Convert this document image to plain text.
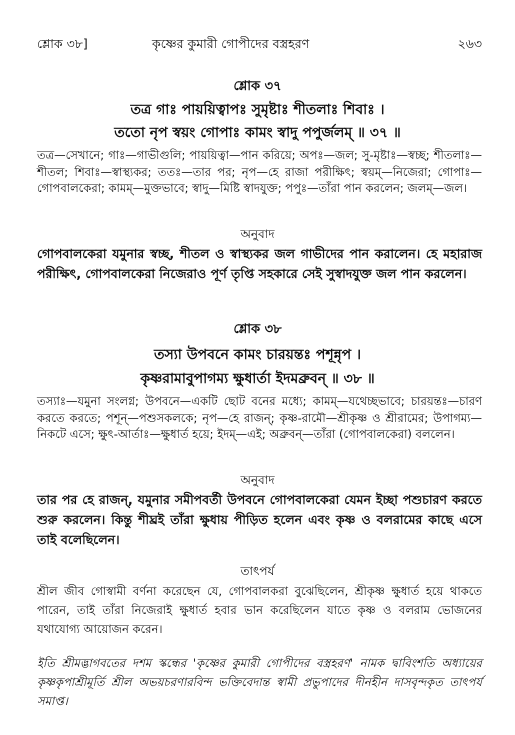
শ্লোক ৩৮]	কৃষ্ণের কুমারী গোপীদের বস্ত্রহরণ	২৬৩
শ্লোক ৩৭
তত্র গাঃ পায়য়িত্বাপঃ সুমৃষ্টাঃ শীতলাঃ শিবাঃ ।
ততো নৃপ স্বয়ং গোপাঃ কামং স্বাদু পপুর্জলম্ ॥ ৩৭ ॥
তত্র—সেখানে; গাঃ—গাভীগুলি; পায়য়িত্বা—পান করিয়ে; অপঃ—জল; সু-মৃষ্টাঃ—স্বচ্ছ; শীতলাঃ—শীতল; শিবাঃ—স্বাস্থ্যকর; ততঃ—তার পর; নৃপ—হে রাজা পরীক্ষিৎ; স্বয়ম্—নিজেরা; গোপাঃ—গোপবালকেরা; কামম্—মুক্তভাবে; স্বাদু—মিষ্টি স্বাদযুক্ত; পপুঃ—তাঁরা পান করলেন; জলম্—জল।
অনুবাদ
গোপবালকেরা যমুনার স্বচ্ছ, শীতল ও স্বাস্থ্যকর জল গাভীদের পান করালেন। হে মহারাজ পরীক্ষিৎ, গোপবালকেরা নিজেরাও পূর্ণ তৃপ্তি সহকারে সেই সুস্বাদযুক্ত জল পান করলেন।
শ্লোক ৩৮
তস্যা উপবনে কামং চারয়ন্তঃ পশূন্নৃপ ।
কৃষ্ণরামাবুপাগম্য ক্ষুধার্তা ইদমব্রুবন্ ॥ ৩৮ ॥
তস্যাঃ—যমুনা সংলগ্ন; উপবনে—একটি ছোট বনের মধ্যে; কামম্—যথেচ্ছভাবে; চারয়ন্তঃ—চারণ করতে করতে; পশূন্—পশুসকলকে; নৃপ—হে রাজন্; কৃষ্ণ-রামৌ—শ্রীকৃষ্ণ ও শ্রীরামের; উপাগম্য—নিকটে এসে; ক্ষুৎ-আর্তাঃ—ক্ষুধার্ত হয়ে; ইদম্—এই; অব্রুবন্—তাঁরা (গোপবালকেরা) বললেন।
অনুবাদ
তার পর হে রাজন্, যমুনার সমীপবর্তী উপবনে গোপবালকেরা যেমন ইচ্ছা পশুচারণ করতে শুরু করলেন। কিন্তু শীঘ্রই তাঁরা ক্ষুধায় পীড়িত হলেন এবং কৃষ্ণ ও বলরামের কাছে এসে তাই বলেছিলেন।
তাৎপর্য
শ্রীল জীব গোস্বামী বর্ণনা করেছেন যে, গোপবালকরা বুঝেছিলেন, শ্রীকৃষ্ণ ক্ষুধার্ত হয়ে থাকতে পারেন, তাই তাঁরা নিজেরাই ক্ষুধার্ত হবার ভান করেছিলেন যাতে কৃষ্ণ ও বলরাম ভোজনের যথাযোগ্য আয়োজন করেন।
ইতি শ্রীমদ্ভাগবতের দশম স্কন্ধের 'কৃষ্ণের কুমারী গোপীদের বস্ত্রহরণ' নামক দ্বাবিংশতি অধ্যায়ের কৃষ্ণকৃপাশ্রীমূর্তি শ্রীল অভয়চরণারবিন্দ ভক্তিবেদান্ত স্বামী প্রভুপাদের দীনহীন দাসবৃন্দকৃত তাৎপর্য সমাপ্ত।
